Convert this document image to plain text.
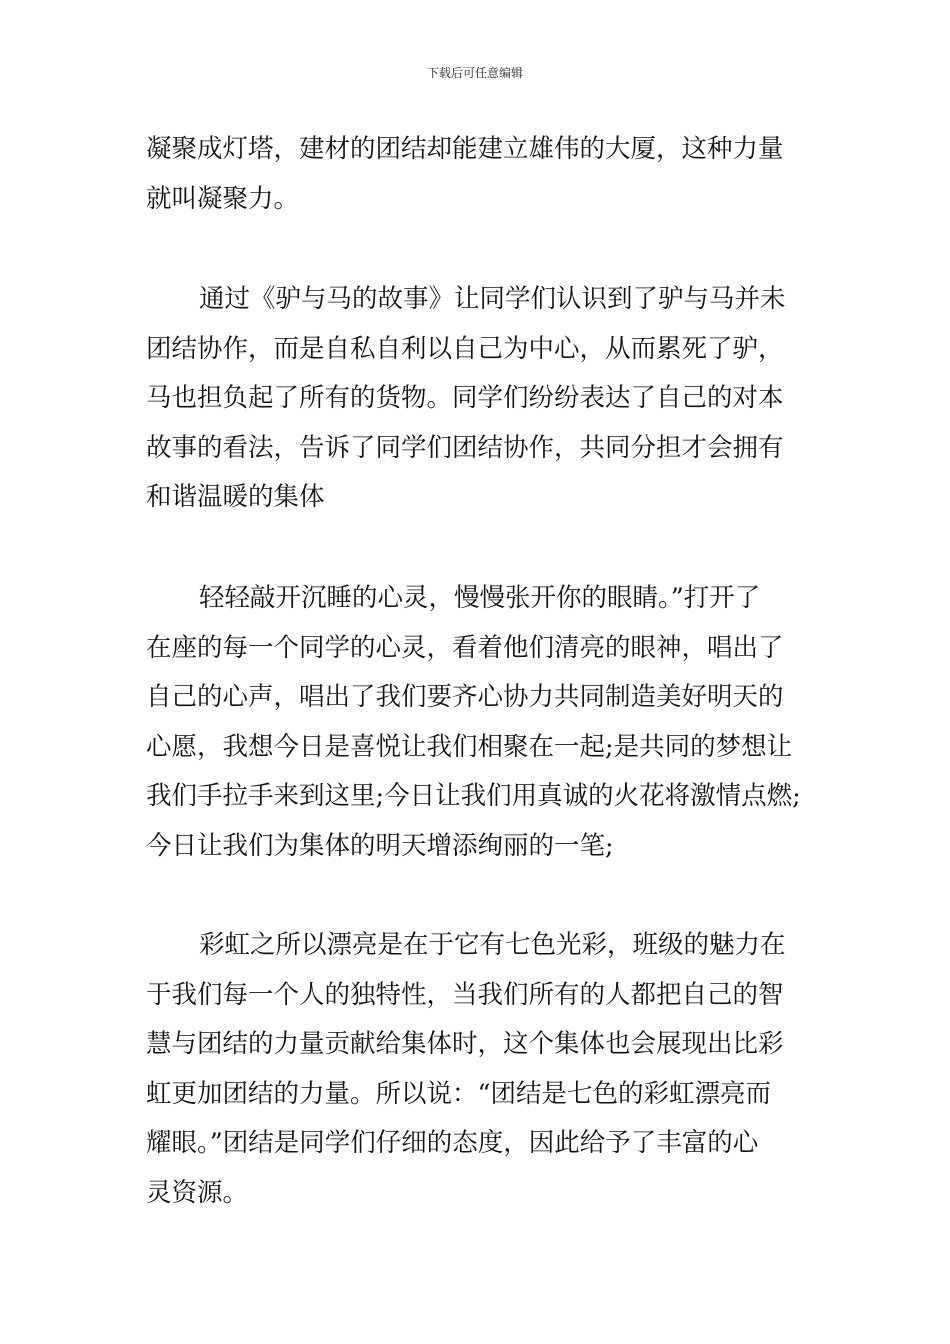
下载后可任意编辑
凝聚成灯塔，建材的团结却能建立雄伟的大厦，这种力量
就叫凝聚力。
通过《驴与马的故事》让同学们认识到了驴与马并未
团结协作，而是自私自利以自己为中心，从而累死了驴，
马也担负起了所有的货物。同学们纷纷表达了自己的对本
故事的看法，告诉了同学们团结协作，共同分担才会拥有
和谐温暖的集体
轻轻敲开沉睡的心灵，慢慢张开你的眼睛。”打开了
在座的每一个同学的心灵，看着他们清亮的眼神，唱出了
自己的心声，唱出了我们要齐心协力共同制造美好明天的
心愿，我想今日是喜悦让我们相聚在一起;是共同的梦想让
我们手拉手来到这里;今日让我们用真诚的火花将激情点燃;
今日让我们为集体的明天增添绚丽的一笔;
彩虹之所以漂亮是在于它有七色光彩，班级的魅力在
于我们每一个人的独特性，当我们所有的人都把自己的智
慧与团结的力量贡献给集体时，这个集体也会展现出比彩
虹更加团结的力量。所以说：“团结是七色的彩虹漂亮而
耀眼。”团结是同学们仔细的态度，因此给予了丰富的心
灵资源。
